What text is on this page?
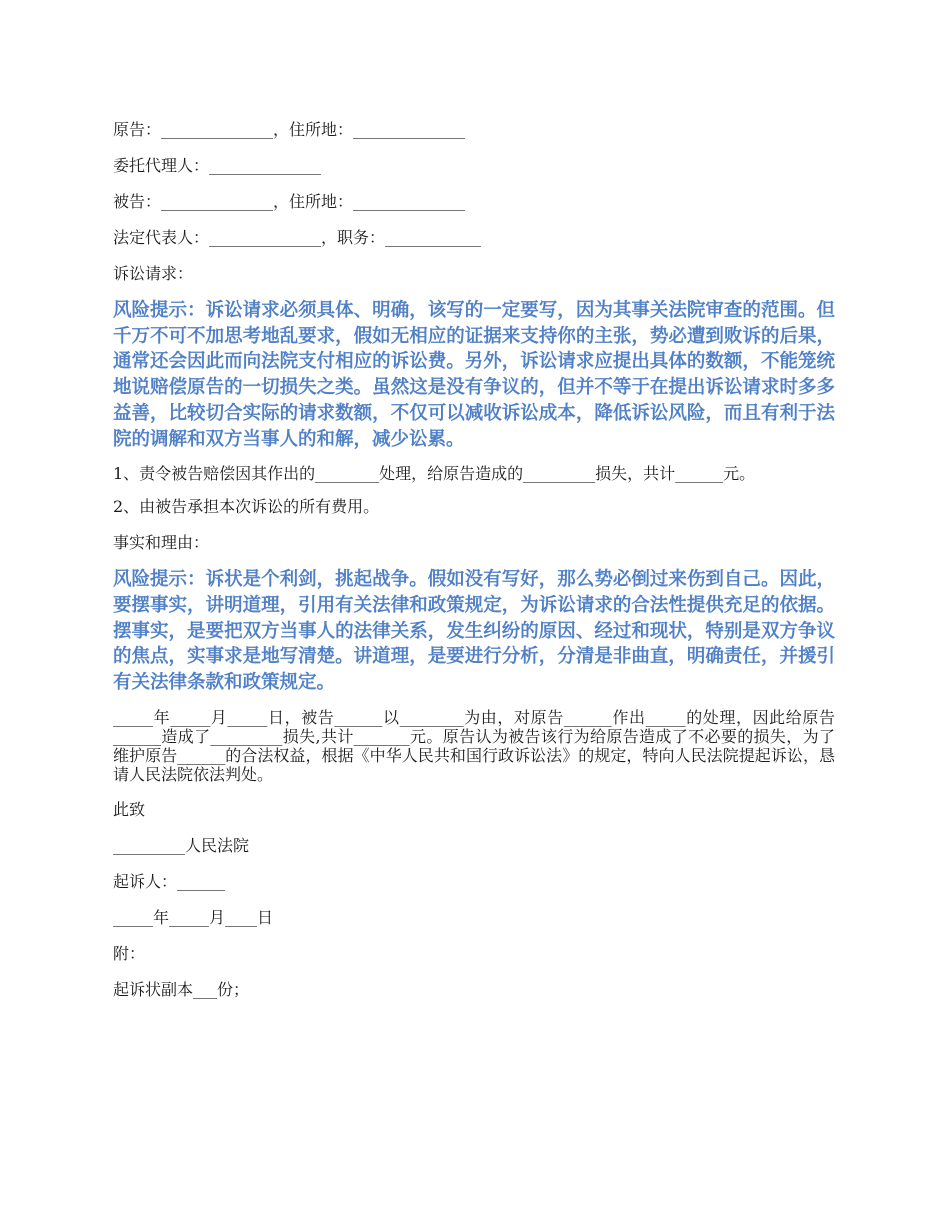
原告：______________，住所地：______________
委托代理人：______________
被告：______________，住所地：______________
法定代表人：______________，职务：____________
诉讼请求：
风险提示：诉讼请求必须具体、明确，该写的一定要写，因为其事关法院审查的范围。但千万不可不加思考地乱要求，假如无相应的证据来支持你的主张，势必遭到败诉的后果，通常还会因此而向法院支付相应的诉讼费。另外，诉讼请求应提出具体的数额，不能笼统地说赔偿原告的一切损失之类。虽然这是没有争议的，但并不等于在提出诉讼请求时多多益善，比较切合实际的请求数额，不仅可以减收诉讼成本，降低诉讼风险，而且有利于法院的调解和双方当事人的和解，减少讼累。
1、责令被告赔偿因其作出的________处理，给原告造成的_________损失，共计______元。
2、由被告承担本次诉讼的所有费用。
事实和理由：
风险提示：诉状是个利剑，挑起战争。假如没有写好，那么势必倒过来伤到自己。因此，要摆事实，讲明道理，引用有关法律和政策规定，为诉讼请求的合法性提供充足的依据。摆事实，是要把双方当事人的法律关系，发生纠纷的原因、经过和现状，特别是双方争议的焦点，实事求是地写清楚。讲道理，是要进行分析，分清是非曲直，明确责任，并援引有关法律条款和政策规定。
_____年_____月_____日，被告______以________为由，对原告______作出_____的处理，因此给原告______造成了_________损失,共计_______元。原告认为被告该行为给原告造成了不必要的损失，为了维护原告______的合法权益，根据《中华人民共和国行政诉讼法》的规定，特向人民法院提起诉讼，恳请人民法院依法判处。
此致
_________人民法院
起诉人：______
_____年_____月____日
附：
起诉状副本___份；
